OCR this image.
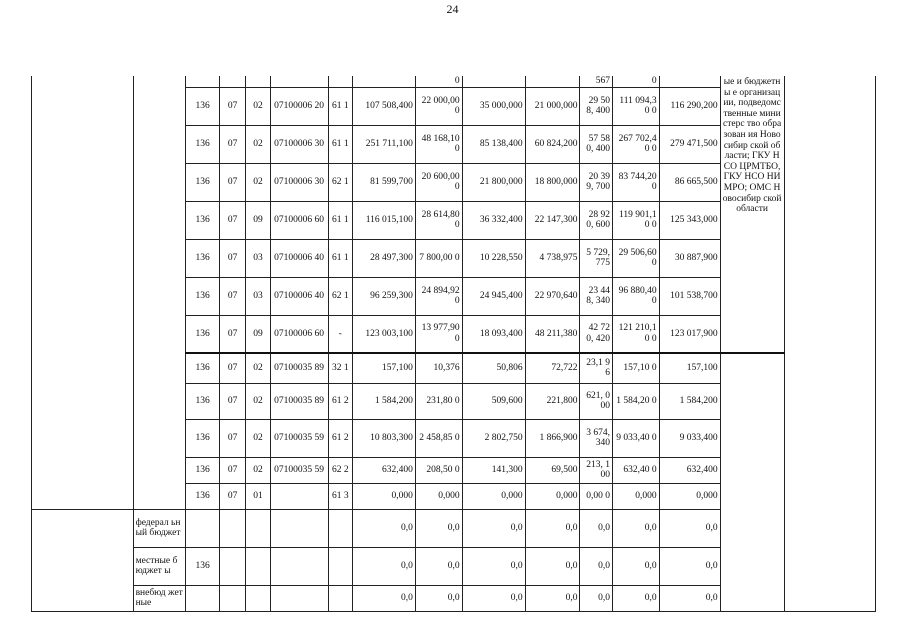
24
								0			567	0		ые и бюджетны е организац ии, подведомс твенные министерс тво образован ия Новосибир ской области; ГКУ НСО ЦРМТБО, ГКУ НСО НИМРО; ОМС Новосибир ской области	
		136	07	02	07100006 20	61 1	107 508,400	22 000,00 0	35 000,000	21 000,000	29 508, 400	111 094,30 0	116 290,200		
		136	07	02	07100006 30	61 1	251 711,100	48 168,10 0	85 138,400	60 824,200	57 580, 400	267 702,40 0	279 471,500		
		136	07	02	07100006 30	62 1	81 599,700	20 600,00 0	21 800,000	18 800,000	20 399, 700	83 744,20 0	86 665,500		
		136	07	09	07100006 60	61 1	116 015,100	28 614,80 0	36 332,400	22 147,300	28 920, 600	119 901,10 0	125 343,000		
		136	07	03	07100006 40	61 1	28 497,300	7 800,00 0	10 228,550	4 738,975	5 729, 775	29 506,60 0	30 887,900		
		136	07	03	07100006 40	62 1	96 259,300	24 894,92 0	24 945,400	22 970,640	23 448, 340	96 880,40 0	101 538,700		
		136	07	09	07100006 60	-	123 003,100	13 977,90 0	18 093,400	48 211,380	42 720, 420	121 210,10 0	123 017,900		
		136	07	02	07100035 89	32 1	157,100	10,376	50,806	72,722	23,1 96	157,10 0	157,100		
		136	07	02	07100035 89	61 2	1 584,200	231,80 0	509,600	221,800	621, 000	1 584,20 0	1 584,200		
		136	07	02	07100035 59	61 2	10 803,300	2 458,85 0	2 802,750	1 866,900	3 674, 340	9 033,40 0	9 033,400		
		136	07	02	07100035 59	62 2	632,400	208,50 0	141,300	69,500	213, 100	632,40 0	632,400		
		136	07	01		61 3	0,000	0,000	0,000	0,000	0,00 0	0,000	0,000		
	федерал ьный бюджет						0,0	0,0	0,0	0,0	0,0	0,0	0,0		
	местные бюджет ы	136					0,0	0,0	0,0	0,0	0,0	0,0	0,0		
	внебюд жетные						0,0	0,0	0,0	0,0	0,0	0,0	0,0		
